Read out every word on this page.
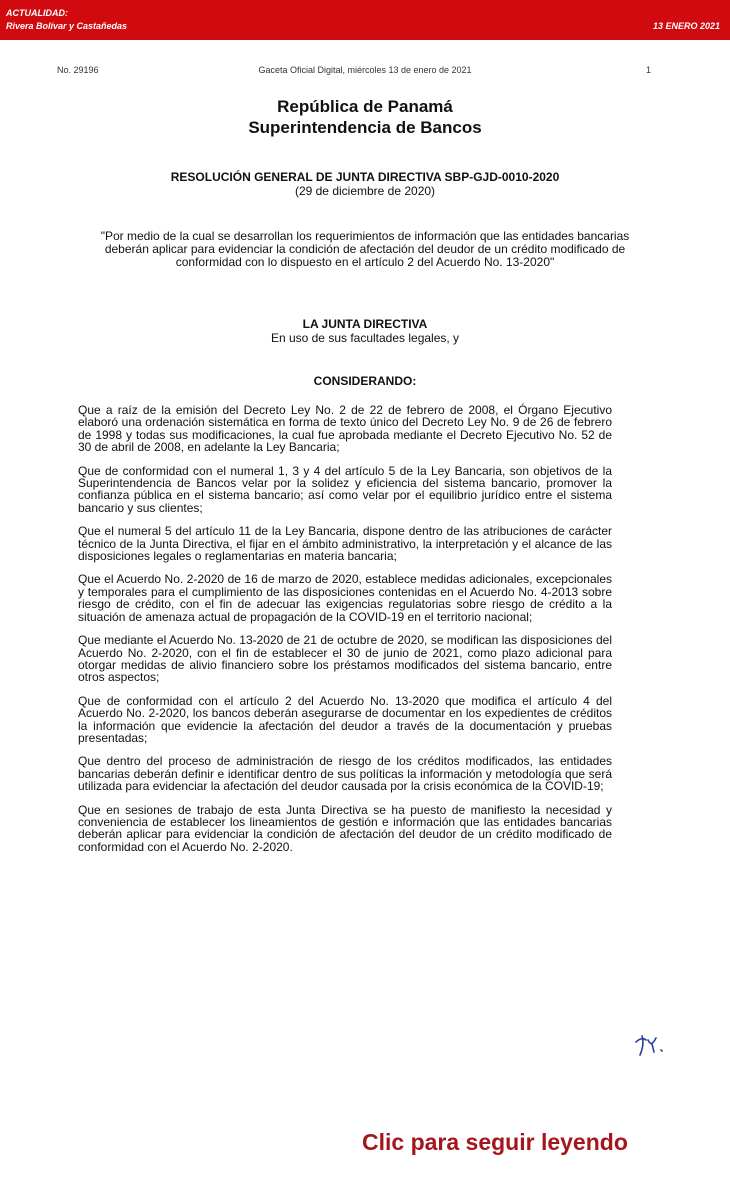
ACTUALIDAD:
Rivera Bolívar y Castañedas	13 ENERO 2021
Gaceta Oficial Digital, miércoles 13 de enero de 2021
No. 29196	1
República de Panamá
Superintendencia de Bancos
RESOLUCIÓN GENERAL DE JUNTA DIRECTIVA SBP-GJD-0010-2020
(29 de diciembre de 2020)
"Por medio de la cual se desarrollan los requerimientos de información que las entidades bancarias deberán aplicar para evidenciar la condición de afectación del deudor de un crédito modificado de conformidad con lo dispuesto en el artículo 2 del Acuerdo No. 13-2020"
LA JUNTA DIRECTIVA
En uso de sus facultades legales, y
CONSIDERANDO:

Que a raíz de la emisión del Decreto Ley No. 2 de 22 de febrero de 2008, el Órgano Ejecutivo elaboró una ordenación sistemática en forma de texto único del Decreto Ley No. 9 de 26 de febrero de 1998 y todas sus modificaciones, la cual fue aprobada mediante el Decreto Ejecutivo No. 52 de 30 de abril de 2008, en adelante la Ley Bancaria;

Que de conformidad con el numeral 1, 3 y 4 del artículo 5 de la Ley Bancaria, son objetivos de la Superintendencia de Bancos velar por la solidez y eficiencia del sistema bancario, promover la confianza pública en el sistema bancario; así como velar por el equilibrio jurídico entre el sistema bancario y sus clientes;

Que el numeral 5 del artículo 11 de la Ley Bancaria, dispone dentro de las atribuciones de carácter técnico de la Junta Directiva, el fijar en el ámbito administrativo, la interpretación y el alcance de las disposiciones legales o reglamentarias en materia bancaria;

Que el Acuerdo No. 2-2020 de 16 de marzo de 2020, establece medidas adicionales, excepcionales y temporales para el cumplimiento de las disposiciones contenidas en el Acuerdo No. 4-2013 sobre riesgo de crédito, con el fin de adecuar las exigencias regulatorias sobre riesgo de crédito a la situación de amenaza actual de propagación de la COVID-19 en el territorio nacional;

Que mediante el Acuerdo No. 13-2020 de 21 de octubre de 2020, se modifican las disposiciones del Acuerdo No. 2-2020, con el fin de establecer el 30 de junio de 2021, como plazo adicional para otorgar medidas de alivio financiero sobre los préstamos modificados del sistema bancario, entre otros aspectos;

Que de conformidad con el artículo 2 del Acuerdo No. 13-2020 que modifica el artículo 4 del Acuerdo No. 2-2020, los bancos deberán asegurarse de documentar en los expedientes de créditos la información que evidencie la afectación del deudor a través de la documentación y pruebas presentadas;

Que dentro del proceso de administración de riesgo de los créditos modificados, las entidades bancarias deberán definir e identificar dentro de sus políticas la información y metodología que será utilizada para evidenciar la afectación del deudor causada por la crisis económica de la COVID-19;

Que en sesiones de trabajo de esta Junta Directiva se ha puesto de manifiesto la necesidad y conveniencia de establecer los lineamientos de gestión e información que las entidades bancarias deberán aplicar para evidenciar la condición de afectación del deudor de un crédito modificado de conformidad con el Acuerdo No. 2-2020.

Clic para seguir leyendo
